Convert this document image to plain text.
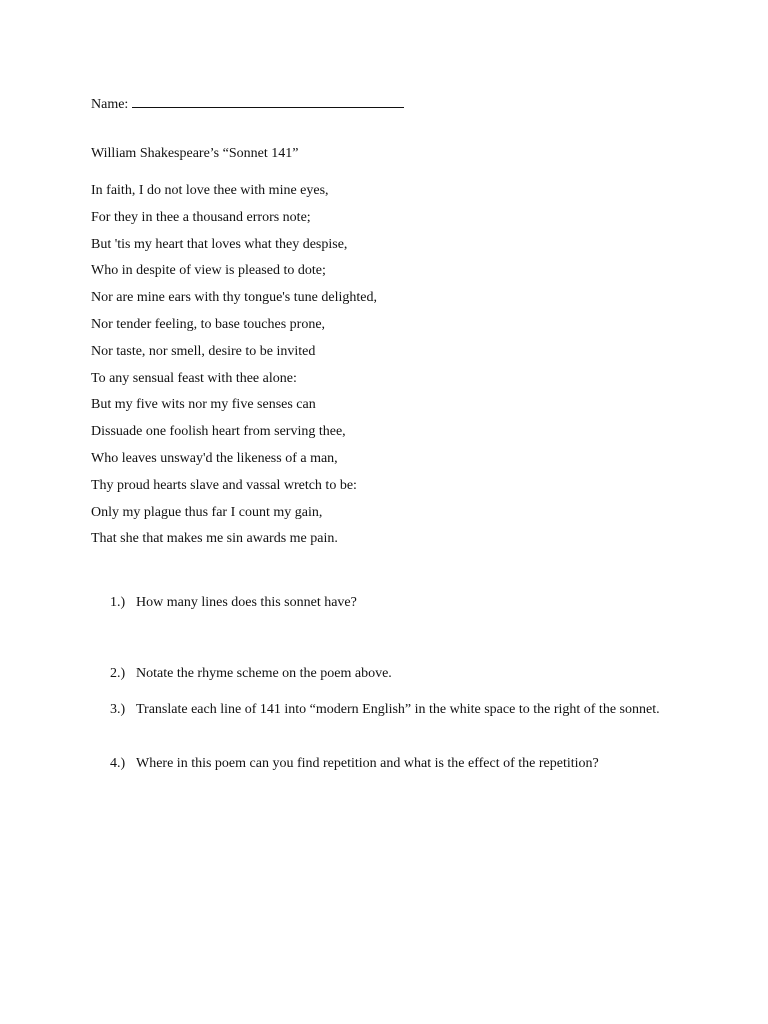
Name:
William Shakespeare’s “Sonnet 141”
In faith, I do not love thee with mine eyes,
For they in thee a thousand errors note;
But 'tis my heart that loves what they despise,
Who in despite of view is pleased to dote;
Nor are mine ears with thy tongue's tune delighted,
Nor tender feeling, to base touches prone,
Nor taste, nor smell, desire to be invited
To any sensual feast with thee alone:
But my five wits nor my five senses can
Dissuade one foolish heart from serving thee,
Who leaves unsway'd the likeness of a man,
Thy proud hearts slave and vassal wretch to be:
Only my plague thus far I count my gain,
That she that makes me sin awards me pain.
1.) How many lines does this sonnet have?
2.) Notate the rhyme scheme on the poem above.
3.) Translate each line of 141 into “modern English” in the white space to the right of the sonnet.
4.) Where in this poem can you find repetition and what is the effect of the repetition?
